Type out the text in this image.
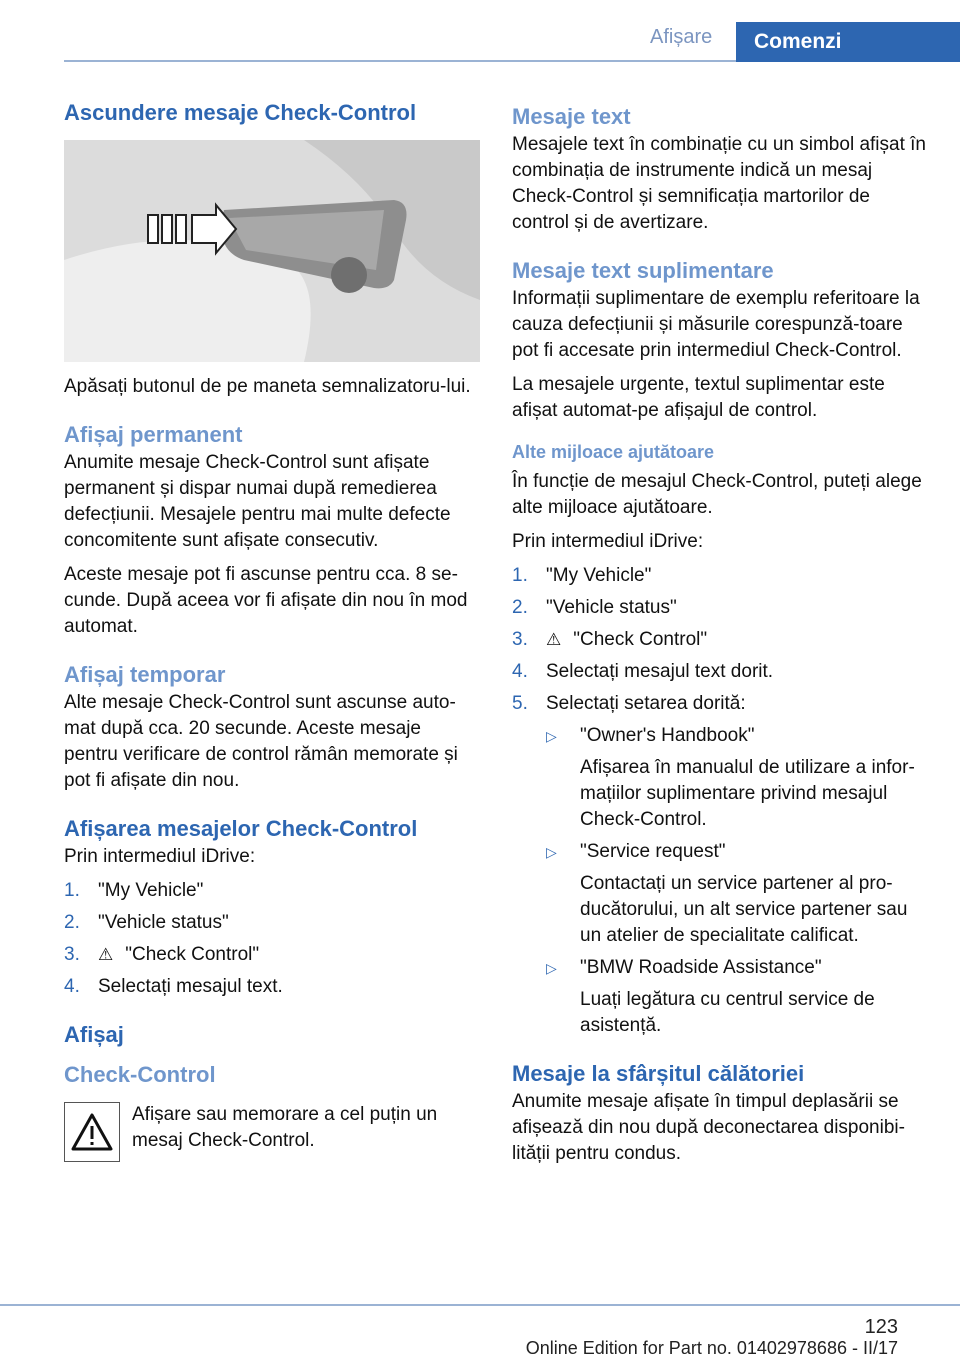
Afișare	Comenzi
Ascundere mesaje Check-Control

Apăsați butonul de pe maneta semnalizatoru‐lui.

Afișaj permanent

Anumite mesaje Check-Control sunt afișate permanent și dispar numai după remedierea defecțiunii. Mesajele pentru mai multe defecte concomitente sunt afișate consecutiv.

Aceste mesaje pot fi ascunse pentru cca. 8 se‐cunde. După aceea vor fi afișate din nou în mod automat.

Afișaj temporar

Alte mesaje Check-Control sunt ascunse auto‐mat după cca. 20 secunde. Aceste mesaje pentru verificare de control rămân memorate și pot fi afișate din nou.

Afișarea mesajelor Check-Control

Prin intermediul iDrive:

1. "My Vehicle"
2. "Vehicle status"
3.	⚠ "Check Control"
4. Selectați mesajul text.
Afișaj
Check-Control
Afișare sau memorare a cel puțin un mesaj Check-Control.
Mesaje text

Mesajele text în combinație cu un simbol afișat în combinația de instrumente indică un mesaj Check-Control și semnificația martorilor de control și de avertizare.

Mesaje text suplimentare

Informații suplimentare de exemplu referitoare la cauza defecțiunii și măsurile corespunză‐toare pot fi accesate prin intermediul Check-Control.

La mesajele urgente, textul suplimentar este afișat automat-pe afișajul de control.

Alte mijloace ajutătoare

În funcție de mesajul Check-Control, puteți alege alte mijloace ajutătoare.

Prin intermediul iDrive:

1. "My Vehicle"
2. "Vehicle status"
3.	⚠ "Check Control"
4. Selectați mesajul text dorit.
5. Selectați setarea dorită:
▷	"Owner's Handbook"
Afișarea în manualul de utilizare a infor‐mațiilor suplimentare privind mesajul Check-Control.
▷	"Service request"
Contactați un service partener al pro‐ducătorului, un alt service partener sau un atelier de specialitate calificat.
▷	"BMW Roadside Assistance"
Luați legătura cu centrul service de asistență.
Mesaje la sfârșitul călătoriei

Anumite mesaje afișate în timpul deplasării se afișează din nou după deconectarea disponibi‐lității pentru condus.

123
Online Edition for Part no. 01402978686 - II/17
